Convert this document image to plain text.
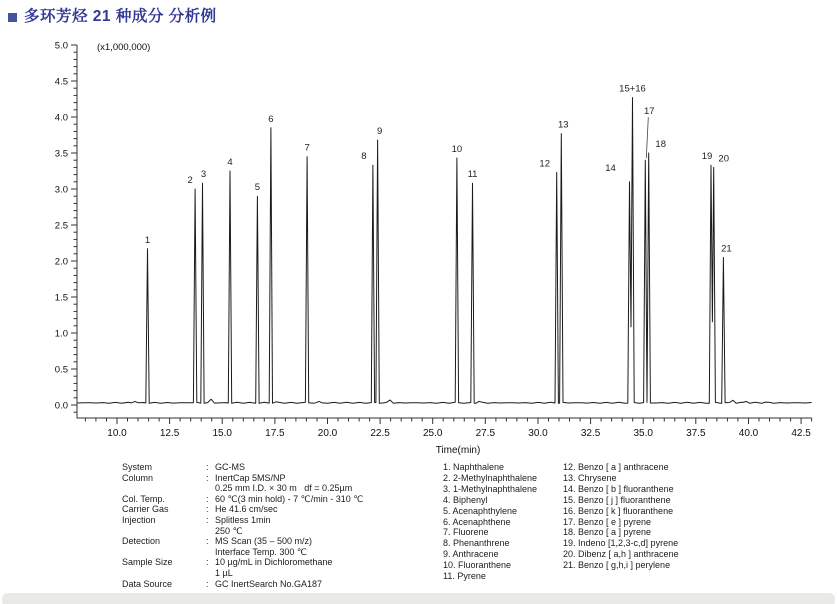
多环芳烃 21 种成分 分析例
0.0
0.5
1.0
1.5
2.0
2.5
3.0
3.5
4.0
4.5
5.0	(x1,000,000)
10.0	12.5	15.0	17.5	20.0	22.5	25.0	27.5	30.0	32.5	35.0	37.5	40.0	42.5
Time(min)
1
2
3
4
5
6
7
8
9
10
11
12
13
14
15+16
17
18
19 20
21
System	: GC-MS
Column	: InertCap 5MS/NP
0.25 mm I.D. × 30 m   df = 0.25µm
Col. Temp.	: 60 ℃(3 min hold) - 7 ℃/min - 310 ℃
Carrier Gas	: He 41.6 cm/sec
Injection	: Splitless 1min
250 ℃
Detection	: MS Scan (35 – 500 m/z)
Interface Temp. 300 ℃
Sample Size	: 10 µg/mL in Dichloromethane
1 µL
Data Source	: GC InertSearch No.GA187
1. Naphthalene
2. 2-Methylnaphthalene
3. 1-Methylnaphthalene
4. Biphenyl
5. Acenaphthylene
6. Acenaphthene
7. Fluorene
8. Phenanthrene
9. Anthracene
10. Fluoranthene
11. Pyrene
12. Benzo [ a ] anthracene
13. Chrysene
14. Benzo [ b ] fluoranthene
15. Benzo [ j ] fluoranthene
16. Benzo [ k ] fluoranthene
17. Benzo [ e ] pyrene
18. Benzo [ a ] pyrene
19. Indeno [1,2,3-c,d] pyrene
20. Dibenz [ a,h ] anthracene
21. Benzo [ g,h,i ] perylene
